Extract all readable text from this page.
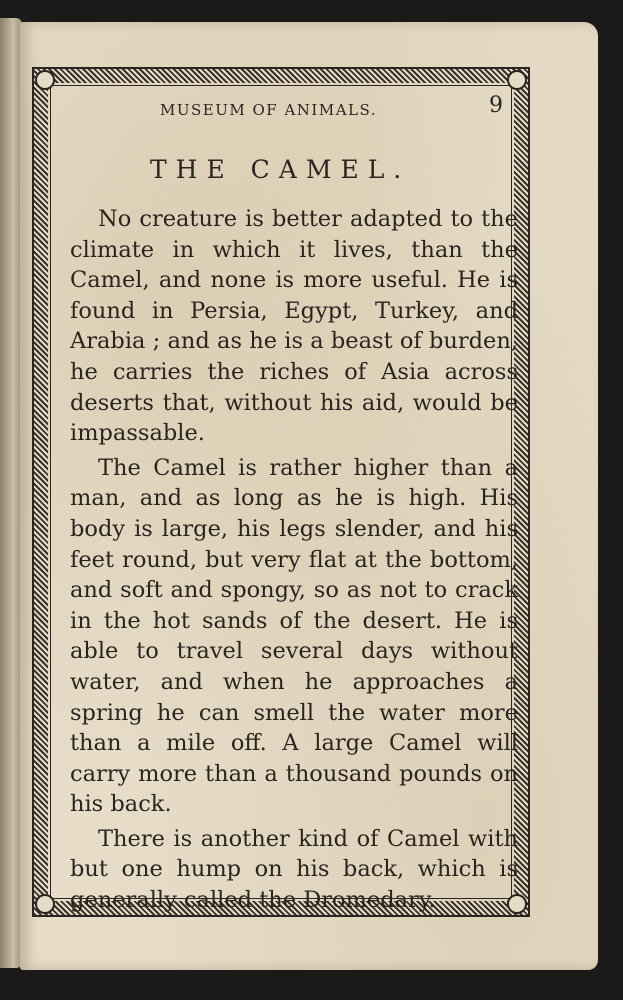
MUSEUM OF ANIMALS.	9
THE CAMEL.

No creature is better adapted to the climate in which it lives, than the Camel, and none is more useful. He is found in Persia, Egypt, Turkey, and Arabia ; and as he is a beast of burden, he carries the riches of Asia across deserts that, without his aid, would be impassable.

The Camel is rather higher than a man, and as long as he is high. His body is large, his legs slender, and his feet round, but very flat at the bottom, and soft and spongy, so as not to crack in the hot sands of the desert. He is able to travel several days without water, and when he approaches a spring he can smell the water more than a mile off. A large Camel will carry more than a thousand pounds on his back.

There is another kind of Camel with but one hump on his back, which is generally called the Dromedary.
